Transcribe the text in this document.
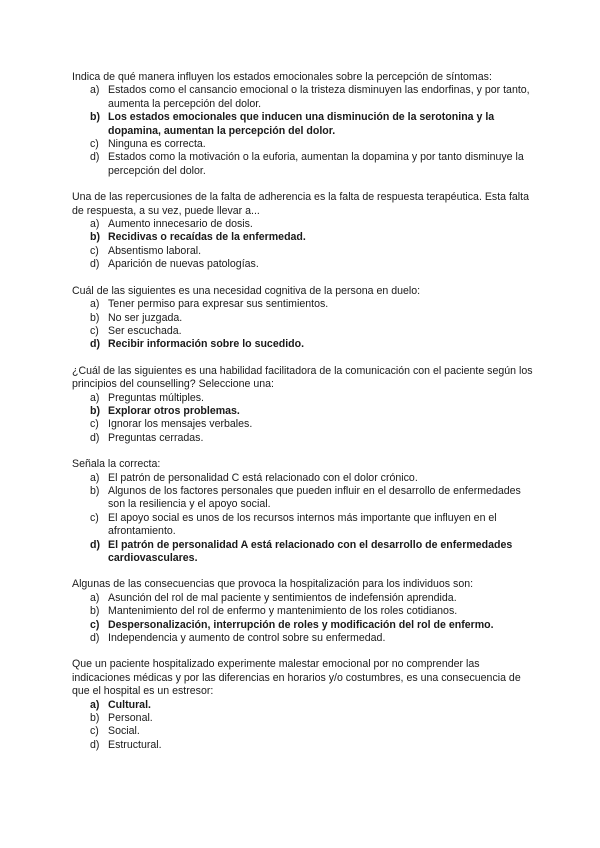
Indica de qué manera influyen los estados emocionales sobre la percepción de síntomas:

a) Estados como el cansancio emocional o la tristeza disminuyen las endorfinas, y por tanto, aumenta la percepción del dolor.
b) Los estados emocionales que inducen una disminución de la serotonina y la dopamina, aumentan la percepción del dolor.
c) Ninguna es correcta.
d) Estados como la motivación o la euforia, aumentan la dopamina y por tanto disminuye la percepción del dolor.

Una de las repercusiones de la falta de adherencia es la falta de respuesta terapéutica. Esta falta de respuesta, a su vez, puede llevar a...

a) Aumento innecesario de dosis.
b) Recidivas o recaídas de la enfermedad.
c) Absentismo laboral.
d) Aparición de nuevas patologías.

Cuál de las siguientes es una necesidad cognitiva de la persona en duelo:

a) Tener permiso para expresar sus sentimientos.
b) No ser juzgada.
c) Ser escuchada.
d) Recibir información sobre lo sucedido.

¿Cuál de las siguientes es una habilidad facilitadora de la comunicación con el paciente según los principios del counselling? Seleccione una:

a) Preguntas múltiples.
b) Explorar otros problemas.
c) Ignorar los mensajes verbales.
d) Preguntas cerradas.

Señala la correcta:

a) El patrón de personalidad C está relacionado con el dolor crónico.
b) Algunos de los factores personales que pueden influir en el desarrollo de enfermedades son la resiliencia y el apoyo social.
c) El apoyo social es unos de los recursos internos más importante que influyen en el afrontamiento.
d) El patrón de personalidad A está relacionado con el desarrollo de enfermedades cardiovasculares.

Algunas de las consecuencias que provoca la hospitalización para los individuos son:

a) Asunción del rol de mal paciente y sentimientos de indefensión aprendida.
b) Mantenimiento del rol de enfermo y mantenimiento de los roles cotidianos.
c) Despersonalización, interrupción de roles y modificación del rol de enfermo.
d) Independencia y aumento de control sobre su enfermedad.

Que un paciente hospitalizado experimente malestar emocional por no comprender las indicaciones médicas y por las diferencias en horarios y/o costumbres, es una consecuencia de que el hospital es un estresor:

a) Cultural.
b) Personal.
c) Social.
d) Estructural.
